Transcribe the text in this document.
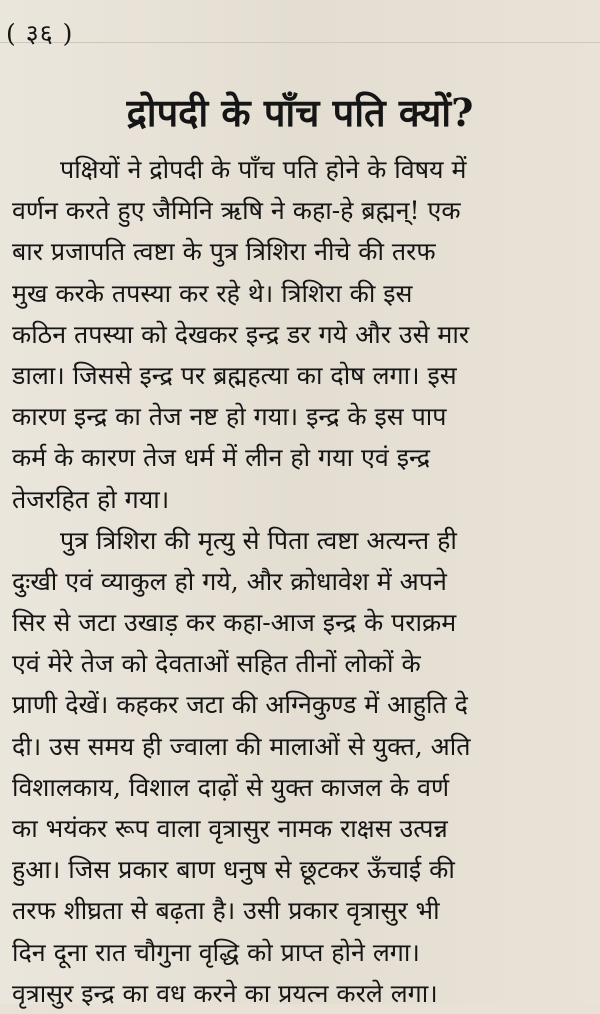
( ३६ )
द्रोपदी के पाँच पति क्यों?
पक्षियों ने द्रोपदी के पाँच पति होने के विषय में
वर्णन करते हुए जैमिनि ऋषि ने कहा-हे ब्रह्मन्! एक
बार प्रजापति त्वष्टा के पुत्र त्रिशिरा नीचे की तरफ
मुख करके तपस्या कर रहे थे। त्रिशिरा की इस
कठिन तपस्या को देखकर इन्द्र डर गये और उसे मार
डाला। जिससे इन्द्र पर ब्रह्महत्या का दोष लगा। इस
कारण इन्द्र का तेज नष्ट हो गया। इन्द्र के इस पाप
कर्म के कारण तेज धर्म में लीन हो गया एवं इन्द्र
तेजरहित हो गया।
पुत्र त्रिशिरा की मृत्यु से पिता त्वष्टा अत्यन्त ही
दुःखी एवं व्याकुल हो गये, और क्रोधावेश में अपने
सिर से जटा उखाड़ कर कहा-आज इन्द्र के पराक्रम
एवं मेरे तेज को देवताओं सहित तीनों लोकों के
प्राणी देखें। कहकर जटा की अग्निकुण्ड में आहुति दे
दी। उस समय ही ज्वाला की मालाओं से युक्त, अति
विशालकाय, विशाल दाढ़ों से युक्त काजल के वर्ण
का भयंकर रूप वाला वृत्रासुर नामक राक्षस उत्पन्न
हुआ। जिस प्रकार बाण धनुष से छूटकर ऊँचाई की
तरफ शीघ्रता से बढ़ता है। उसी प्रकार वृत्रासुर भी
दिन दूना रात चौगुना वृद्धि को प्राप्त होने लगा।
वृत्रासुर इन्द्र का वध करने का प्रयत्न करले लगा।
